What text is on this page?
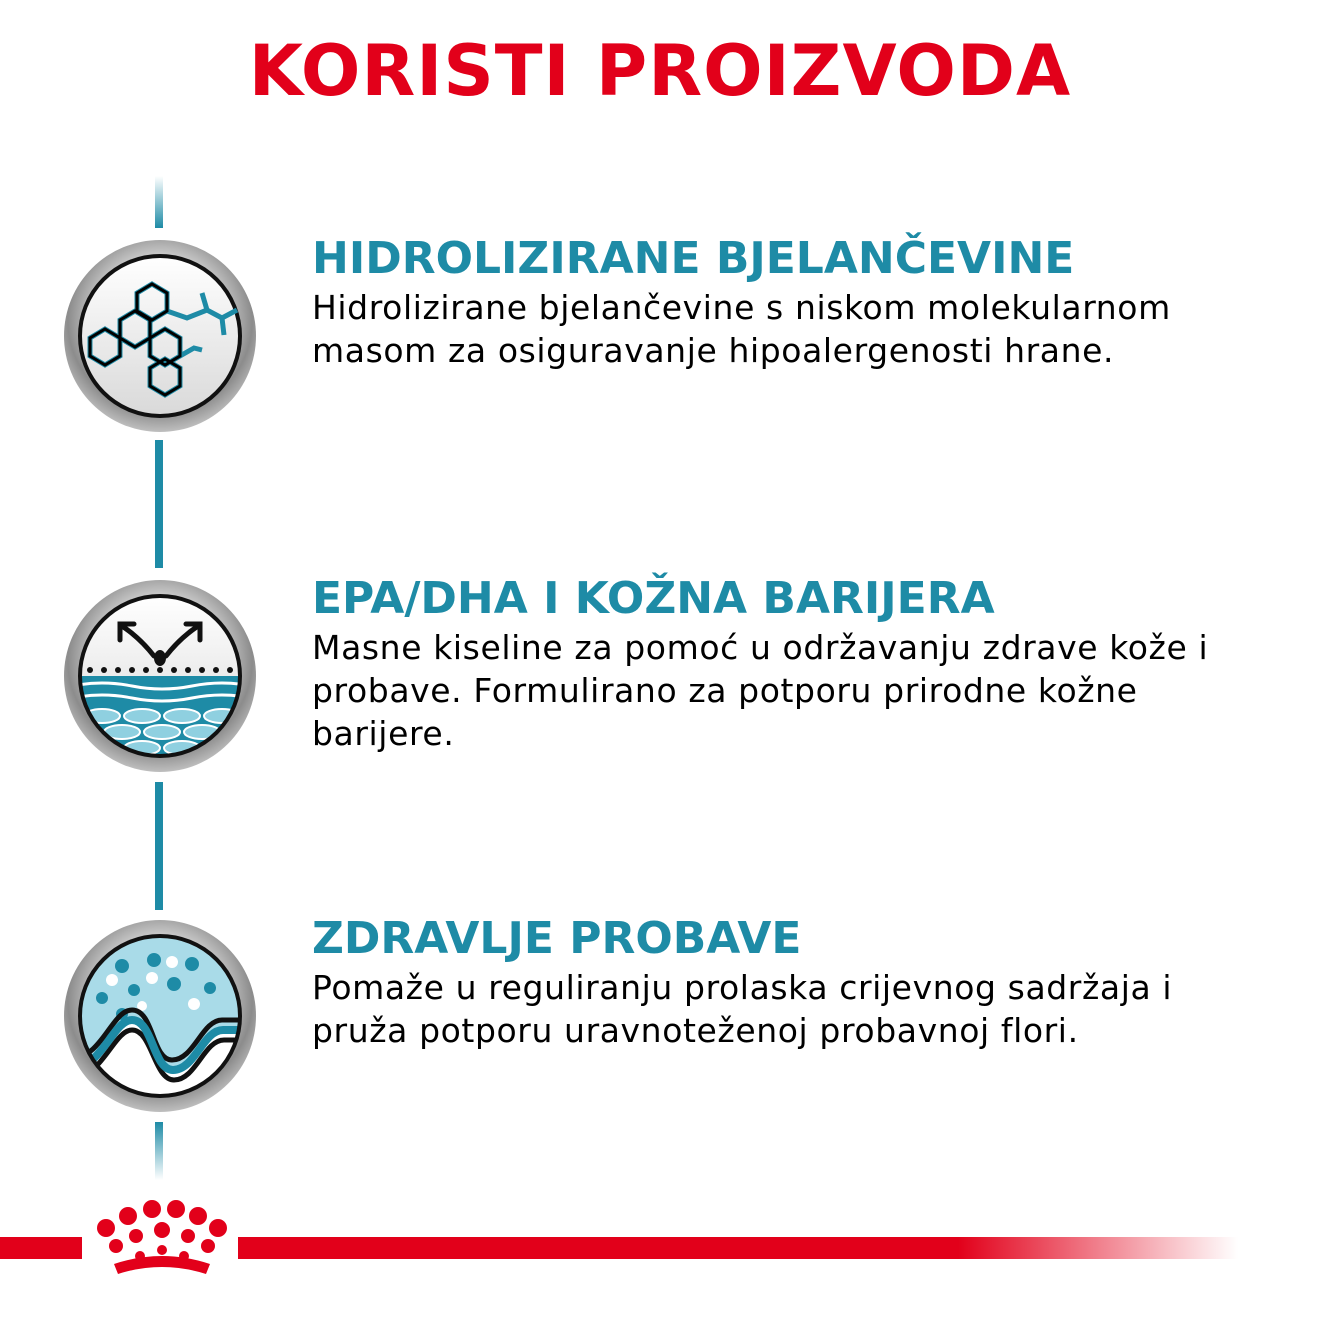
KORISTI PROIZVODA
HIDROLIZIRANE BJELANČEVINE

Hidrolizirane bjelančevine s niskom molekularnom masom za osiguravanje hipoalergenosti hrane.

EPA/DHA I KOŽNA BARIJERA

Masne kiseline za pomoć u održavanju zdrave kože i probave. Formulirano za potporu prirodne kožne barijere.

ZDRAVLJE PROBAVE

Pomaže u reguliranju prolaska crijevnog sadržaja i pruža potporu uravnoteženoj probavnoj flori.
